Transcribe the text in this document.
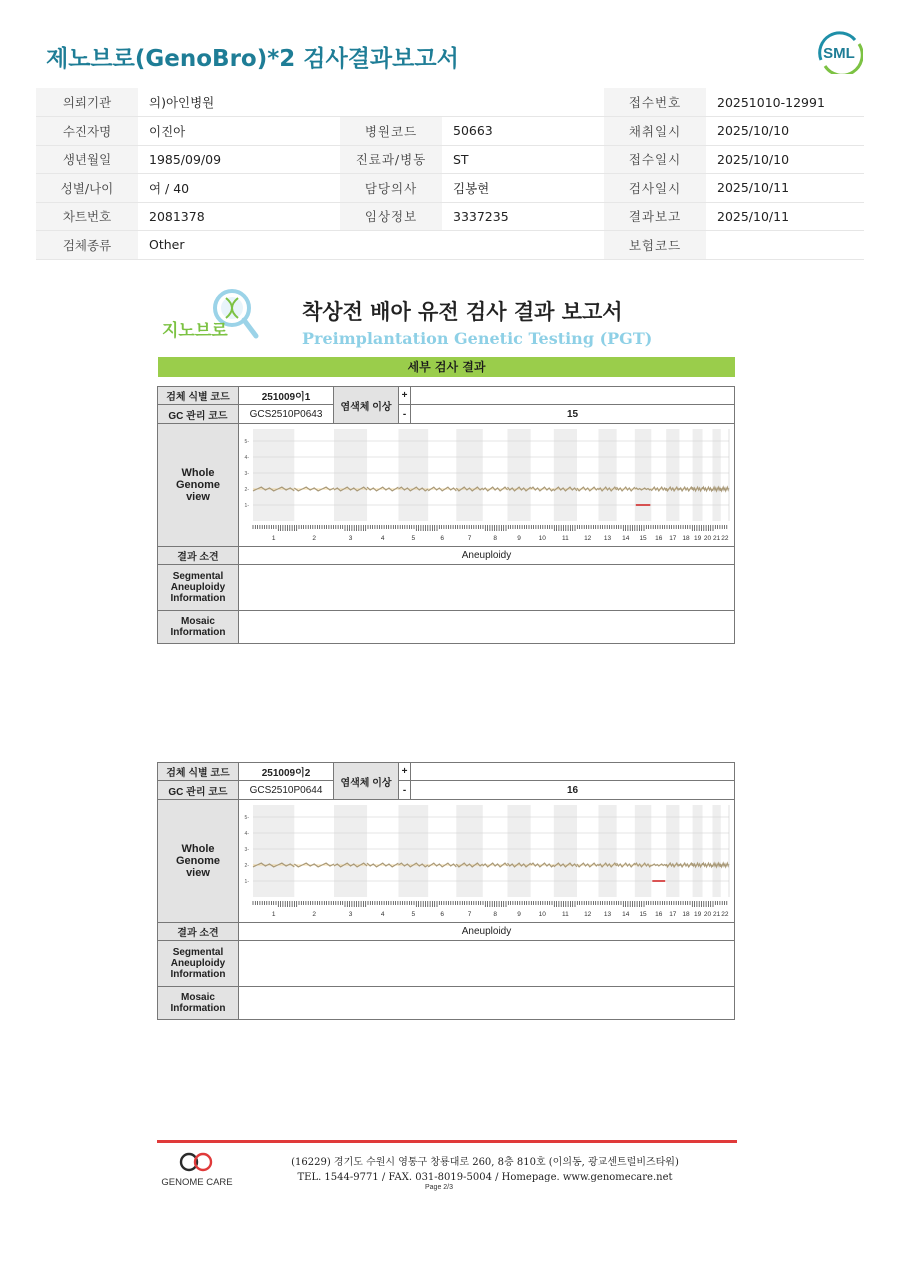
제노브로(GenoBro)*2 검사결과보고서	SML
의뢰기관	의)아인병원			접수번호	20251010-12991
수진자명	이진아	병원코드	50663	채취일시	2025/10/10
생년월일	1985/09/09	진료과/병동	ST	접수일시	2025/10/10
성별/나이	여 / 40	담당의사	김봉현	검사일시	2025/10/11
차트번호	2081378	임상정보	3337235	결과보고	2025/10/11
검체종류	Other			보험코드	
지노브로
착상전 배아 유전 검사 결과 보고서
Preimplantation Genetic Testing (PGT)
세부 검사 결과
검체 식별 코드	251009이1
염색체 이상
+
GC 관리 코드	GCS2510P0643	-	15
Whole Genome view
결과 소견	Aneuploidy
Segmental Aneuploidy Information
Mosaic Information
1-
2-
3-
4-
5-
1	2	3	4	5	6	7	8	9	10 11 12 13 14 15 16 17 18 19 20 21 22
검체 식별 코드	251009이2
염색체 이상
+
GC 관리 코드	GCS2510P0644	-	16
Whole Genome view
결과 소견	Aneuploidy
Segmental Aneuploidy Information
Mosaic Information
1-
2-
3-
4-
5-
1	2	3	4	5	6	7	8	9	10 11 12 13 14 15 16 17 18 19 20 21 22
GENOME CARE
(16229) 경기도 수원시 영통구 창룡대로 260, 8층 810호 (이의동, 광교센트럴비즈타워)
TEL. 1544-9771 / FAX. 031-8019-5004 / Homepage. www.genomecare.net
Page 2/3
